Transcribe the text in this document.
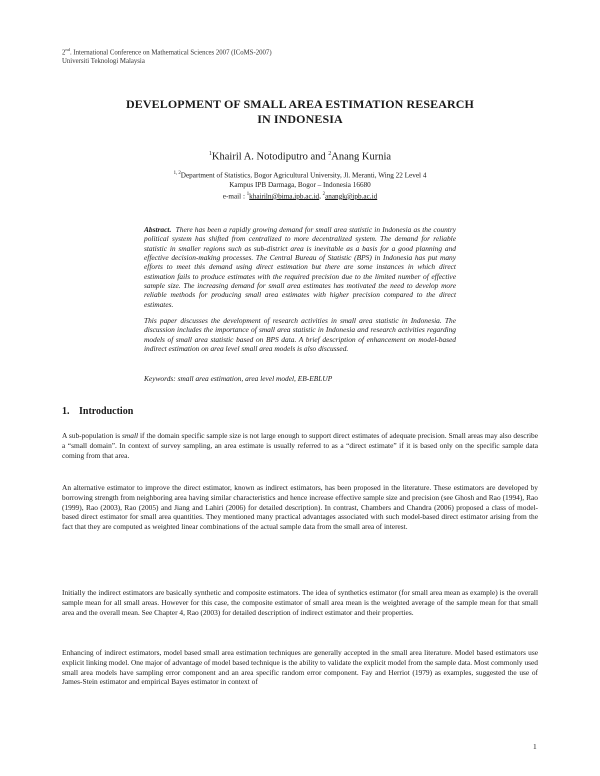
2nd. International Conference on Mathematical Sciences 2007 (ICoMS-2007)
Universiti Teknologi Malaysia
DEVELOPMENT OF SMALL AREA ESTIMATION RESEARCH
IN INDONESIA
$^1$Khairil A. Notodiputro and $^2$Anang Kurnia
$^{1, 2}$Department of Statistics, Bogor Agricultural University, Jl. Meranti, Wing 22 Level 4
Kampus IPB Darmaga, Bogor – Indonesia 16680
e-mail : $^1$khairiln@bima.ipb.ac.id, $^2$anangk@ipb.ac.id

Abstract. There has been a rapidly growing demand for small area statistic in Indonesia as the country political system has shifted from centralized to more decentralized system. The demand for reliable statistic in smaller regions such as sub-district area is inevitable as a basis for a good planning and effective decision-making processes. The Central Bureau of Statistic (BPS) in Indonesia has put many efforts to meet this demand using direct estimation but there are some instances in which direct estimation fails to produce estimates with the required precision due to the limited number of effective sample size. The increasing demand for small area estimates has motivated the need to develop more reliable methods for producing small area estimates with higher precision compared to the direct estimates.

This paper discusses the development of research activities in small area statistic in Indonesia. The discussion includes the importance of small area statistic in Indonesia and research activities regarding models of small area statistic based on BPS data. A brief description of enhancement on model-based indirect estimation on area level small area models is also discussed.

Keywords: small area estimation, area level model, EB-EBLUP
1. Introduction

A sub-population is small if the domain specific sample size is not large enough to support direct estimates of adequate precision. Small areas may also describe a “small domain”. In context of survey sampling, an area estimate is usually referred to as a “direct estimate” if it is based only on the specific sample data coming from that area.

An alternative estimator to improve the direct estimator, known as indirect estimators, has been proposed in the literature. These estimators are developed by borrowing strength from neighboring area having similar characteristics and hence increase effective sample size and precision (see Ghosh and Rao (1994), Rao (1999), Rao (2003), Rao (2005) and Jiang and Lahiri (2006) for detailed description). In contrast, Chambers and Chandra (2006) proposed a class of model-based direct estimator for small area quantities. They mentioned many practical advantages associated with such model-based direct estimator arising from the fact that they are computed as weighted linear combinations of the actual sample data from the small area of interest.

Initially the indirect estimators are basically synthetic and composite estimators. The idea of synthetics estimator (for small area mean as example) is the overall sample mean for all small areas. However for this case, the composite estimator of small area mean is the weighted average of the sample mean for that small area and the overall mean. See Chapter 4, Rao (2003) for detailed description of indirect estimator and their properties.

Enhancing of indirect estimators, model based small area estimation techniques are generally accepted in the small area literature. Model based estimators use explicit linking model. One major of advantage of model based technique is the ability to validate the explicit model from the sample data. Most commonly used small area models have sampling error component and an area specific random error component. Fay and Herriot (1979) as examples, suggested the use of James-Stein estimator and empirical Bayes estimator in context of

1
